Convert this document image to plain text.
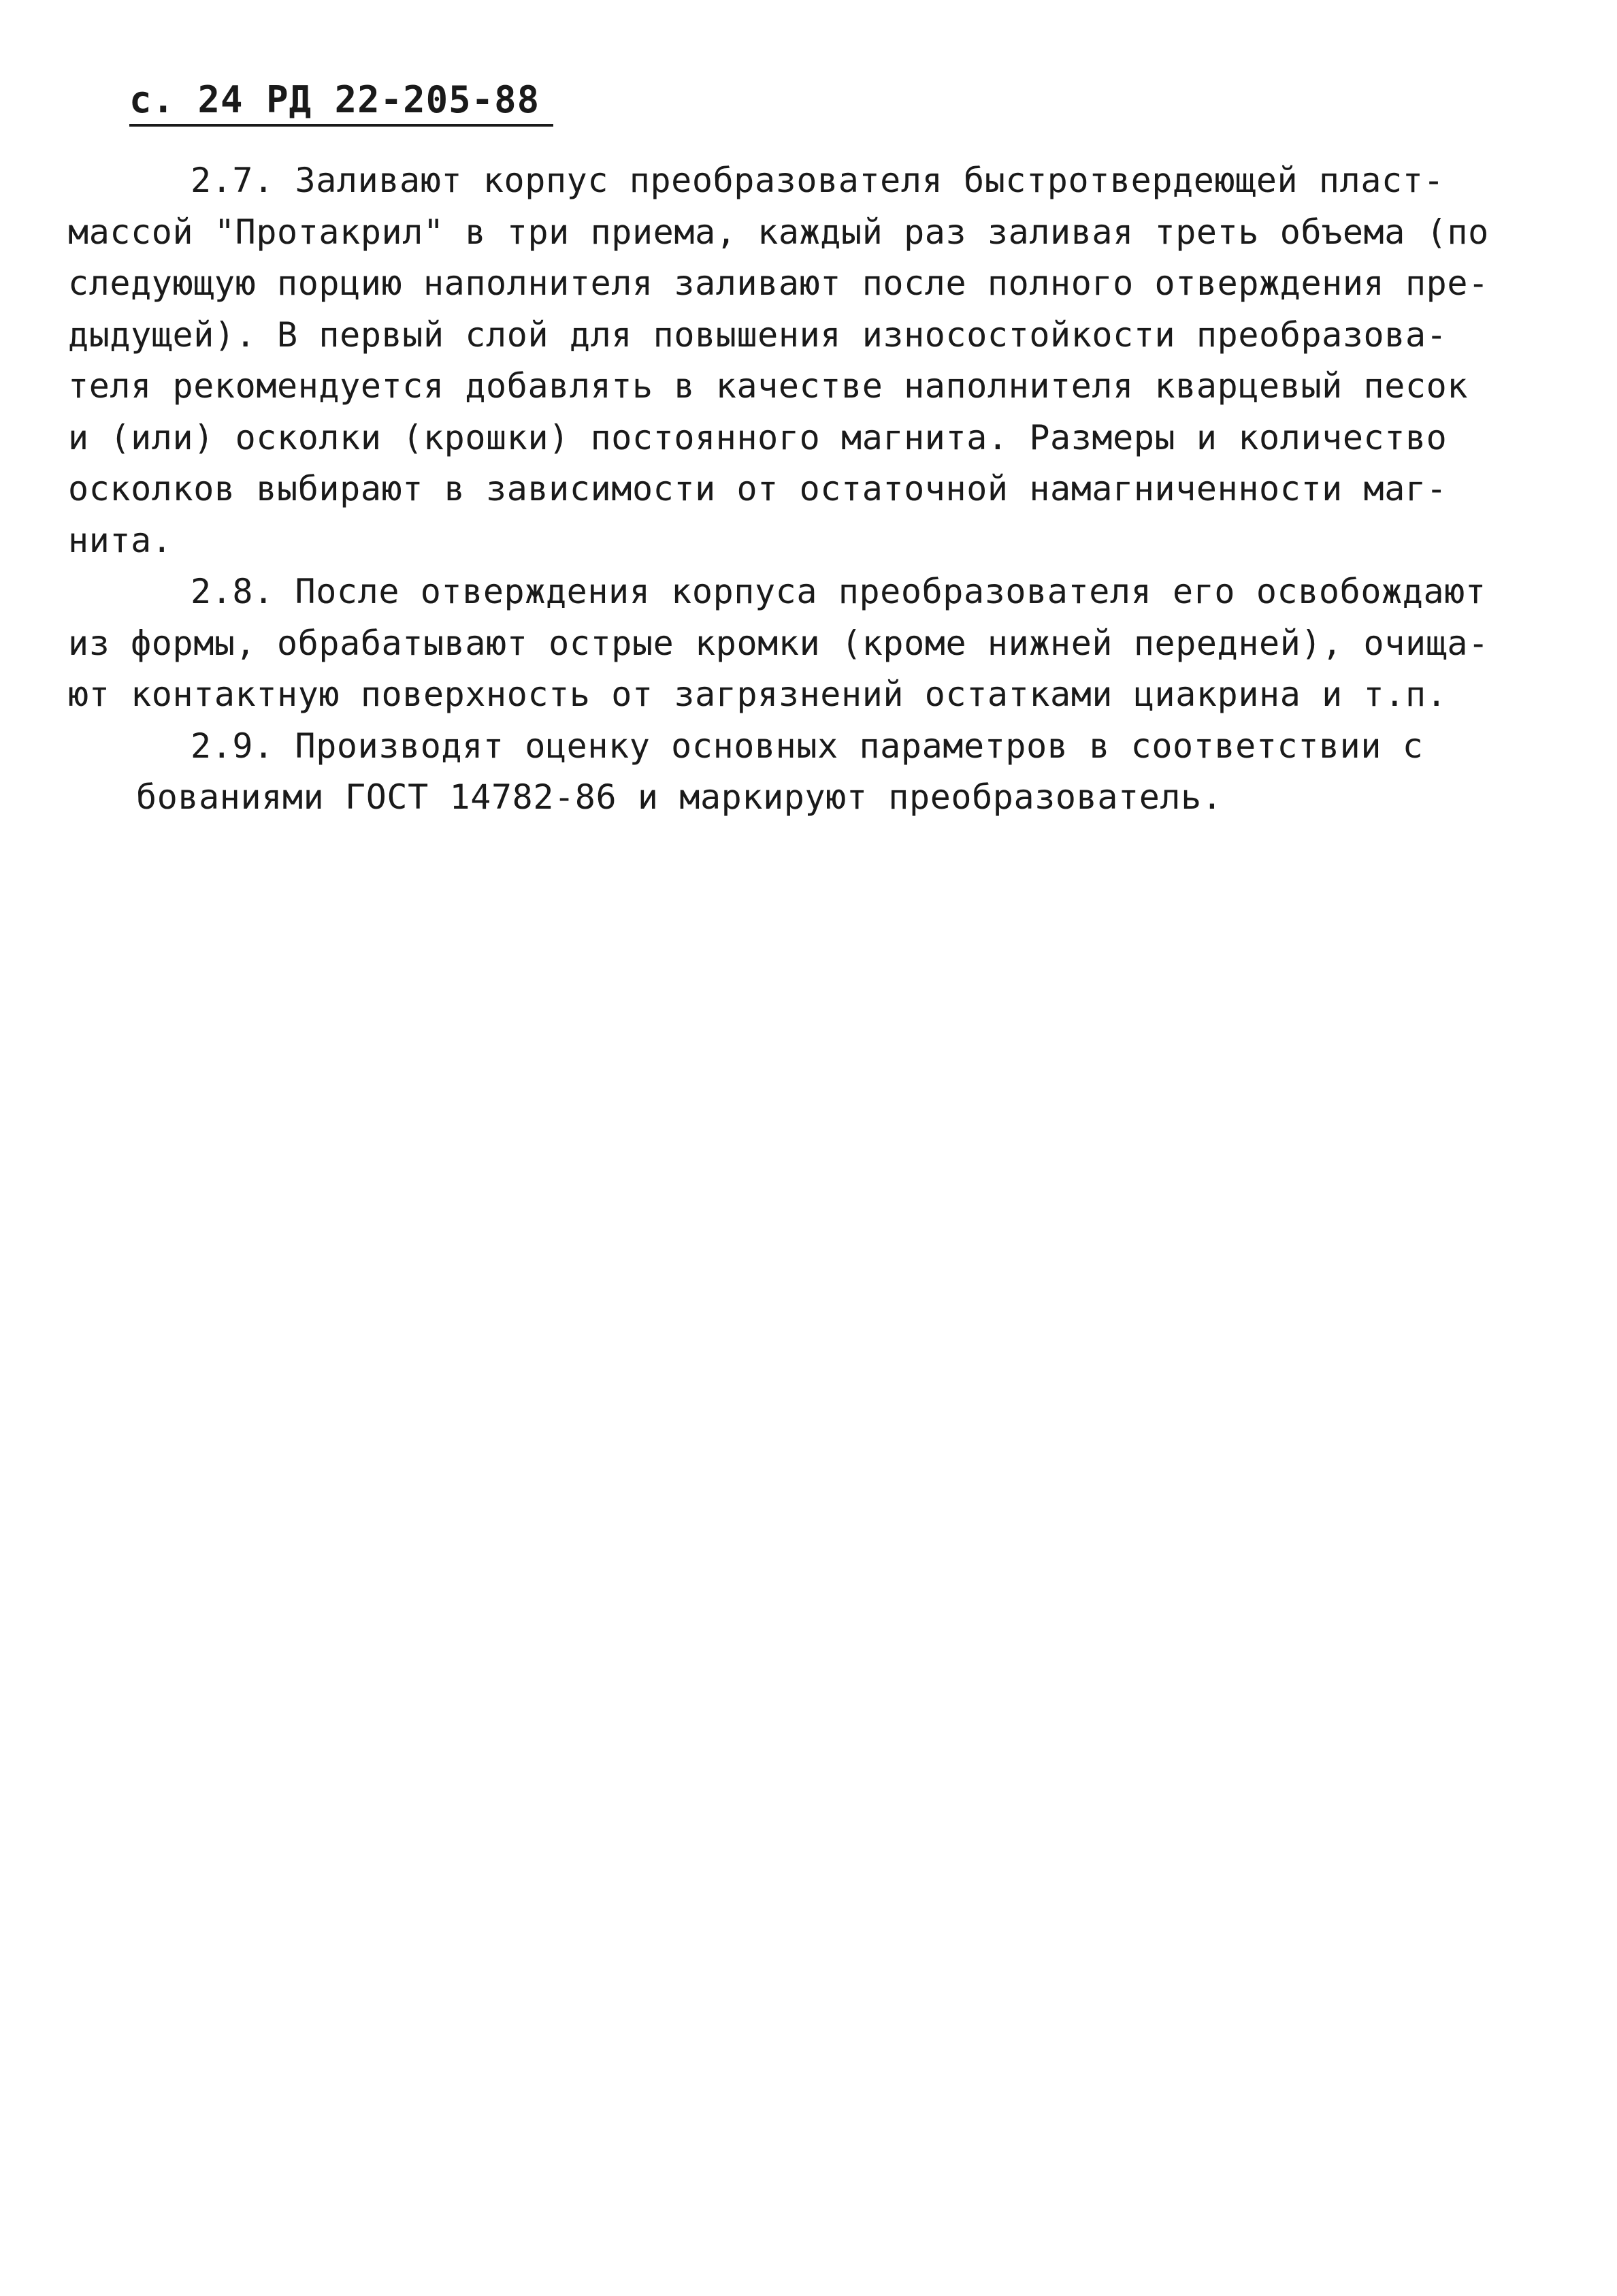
с. 24 РД 22-205-88
2.7. Заливают корпус преобразователя быстротвердеющей пласт-
массой "Протакрил" в три приема, каждый раз заливая треть объема (по
следующую порцию наполнителя заливают после полного отверждения пре-
дыдущей). В первый слой для повышения износостойкости преобразова-
теля рекомендуется добавлять в качестве наполнителя кварцевый песок
и (или) осколки (крошки) постоянного магнита. Размеры и количество
осколков выбирают в зависимости от остаточной намагниченности маг-
нита.
2.8. После отверждения корпуса преобразователя его освобождают
из формы, обрабатывают острые кромки (кроме нижней передней), очища-
ют контактную поверхность от загрязнений остатками циакрина и т.п.
2.9. Производят оценку основных параметров в соответствии с
бованиями ГОСТ 14782-86 и маркируют преобразователь.
